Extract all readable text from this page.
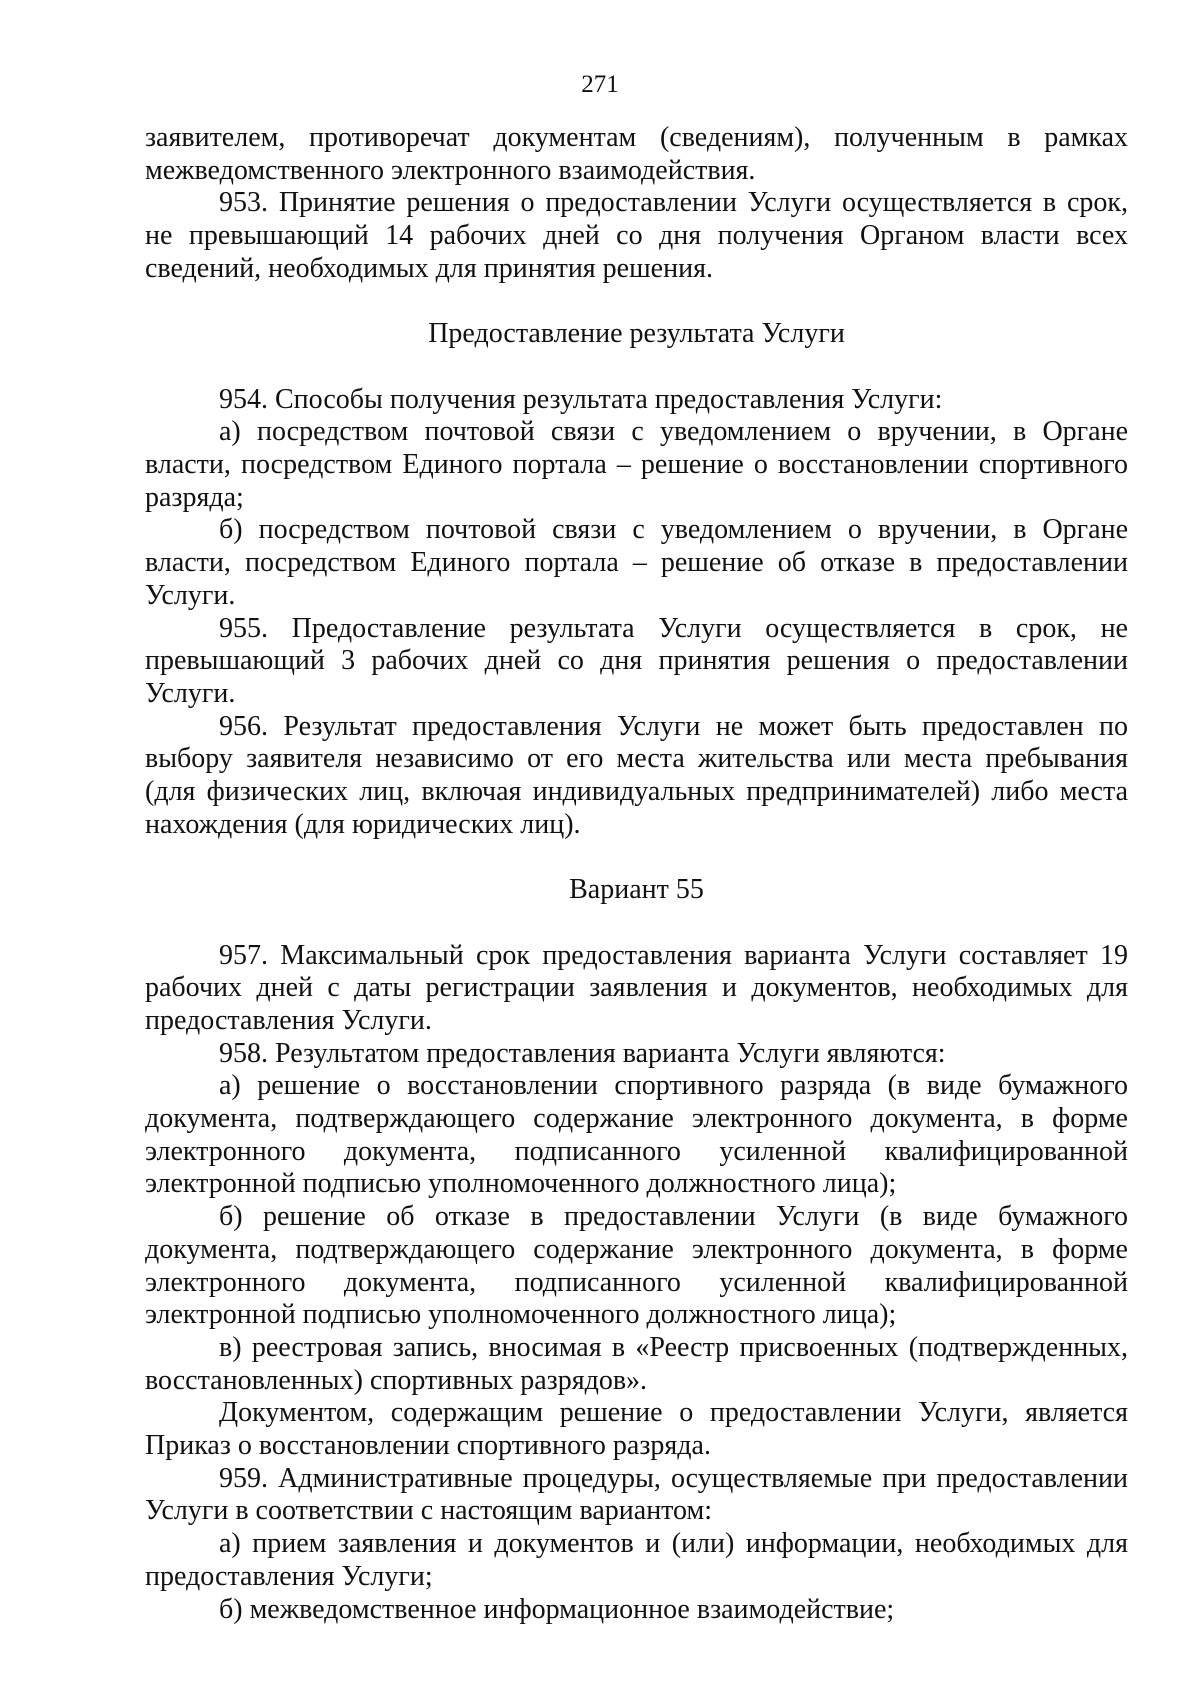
271

заявителем, противоречат документам (сведениям), полученным в рамках межведомственного электронного взаимодействия.

953. Принятие решения о предоставлении Услуги осуществляется в срок, не превышающий 14 рабочих дней со дня получения Органом власти всех сведений, необходимых для принятия решения.

Предоставление результата Услуги

954. Способы получения результата предоставления Услуги:

а) посредством почтовой связи с уведомлением о вручении, в Органе власти, посредством Единого портала – решение о восстановлении спортивного разряда;

б) посредством почтовой связи с уведомлением о вручении, в Органе власти, посредством Единого портала – решение об отказе в предоставлении Услуги.

955. Предоставление результата Услуги осуществляется в срок, не превышающий 3 рабочих дней со дня принятия решения о предоставлении Услуги.

956. Результат предоставления Услуги не может быть предоставлен по выбору заявителя независимо от его места жительства или места пребывания (для физических лиц, включая индивидуальных предпринимателей) либо места нахождения (для юридических лиц).

Вариант 55

957. Максимальный срок предоставления варианта Услуги составляет 19 рабочих дней с даты регистрации заявления и документов, необходимых для предоставления Услуги.

958. Результатом предоставления варианта Услуги являются:

а) решение о восстановлении спортивного разряда (в виде бумажного документа, подтверждающего содержание электронного документа, в форме электронного документа, подписанного усиленной квалифицированной электронной подписью уполномоченного должностного лица);

б) решение об отказе в предоставлении Услуги (в виде бумажного документа, подтверждающего содержание электронного документа, в форме электронного документа, подписанного усиленной квалифицированной электронной подписью уполномоченного должностного лица);

в) реестровая запись, вносимая в «Реестр присвоенных (подтвержденных, восстановленных) спортивных разрядов».

Документом, содержащим решение о предоставлении Услуги, является Приказ о восстановлении спортивного разряда.

959. Административные процедуры, осуществляемые при предоставлении Услуги в соответствии с настоящим вариантом:

а) прием заявления и документов и (или) информации, необходимых для предоставления Услуги;

б) межведомственное информационное взаимодействие;
